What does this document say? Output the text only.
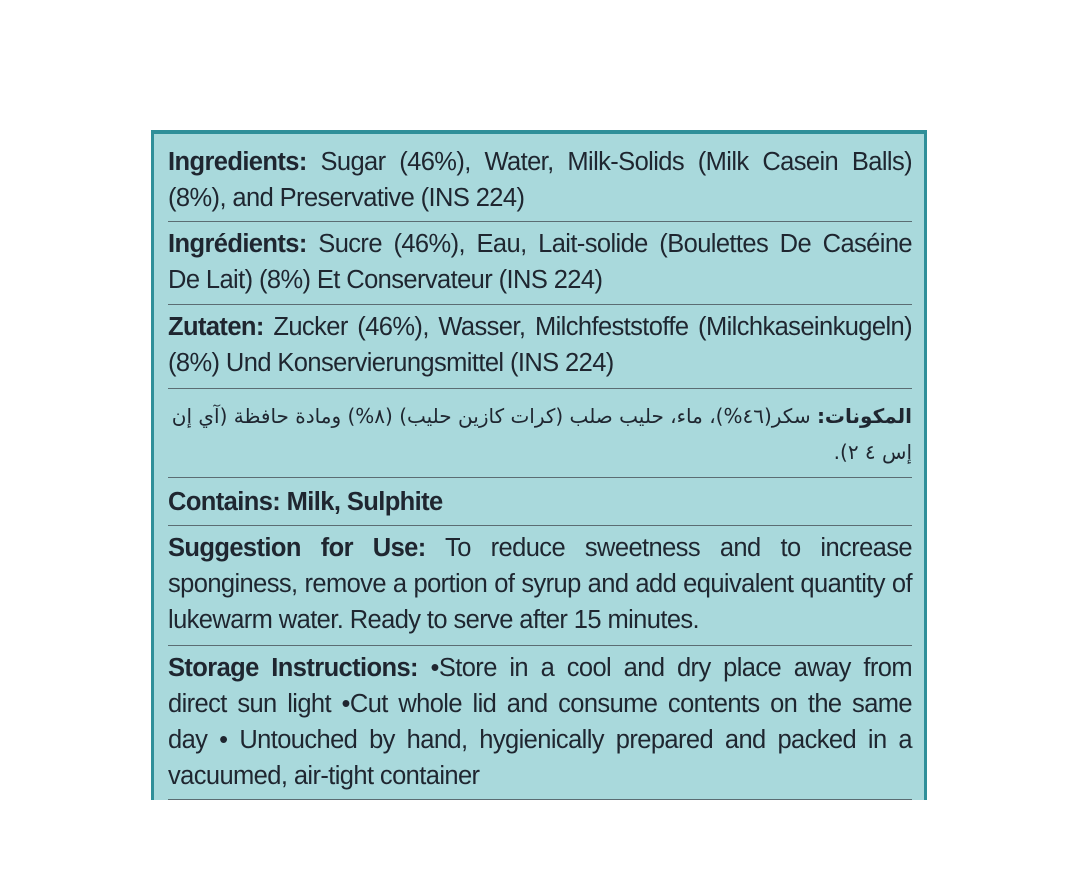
Ingredients: Sugar (46%), Water, Milk-Solids (Milk Casein Balls) (8%), and Preservative (INS 224)
Ingrédients: Sucre (46%), Eau, Lait-solide (Boulettes De Caséine De Lait) (8%) Et Conservateur (INS 224)
Zutaten: Zucker (46%), Wasser, Milchfeststoffe (Milchkaseinkugeln) (8%) Und Konservierungsmittel (INS 224)
المكونات: سكر(٤٦%)، ماء، حليب صلب (كرات كازين حليب) (٨%) ومادة حافظة (آي إن إس ٤ ٢).
Contains: Milk, Sulphite
Suggestion for Use: To reduce sweetness and to increase sponginess, remove a portion of syrup and add equivalent quantity of lukewarm water. Ready to serve after 15 minutes.
Storage Instructions: •Store in a cool and dry place away from direct sun light •Cut whole lid and consume contents on the same day • Untouched by hand, hygienically prepared and packed in a vacuumed, air-tight container
